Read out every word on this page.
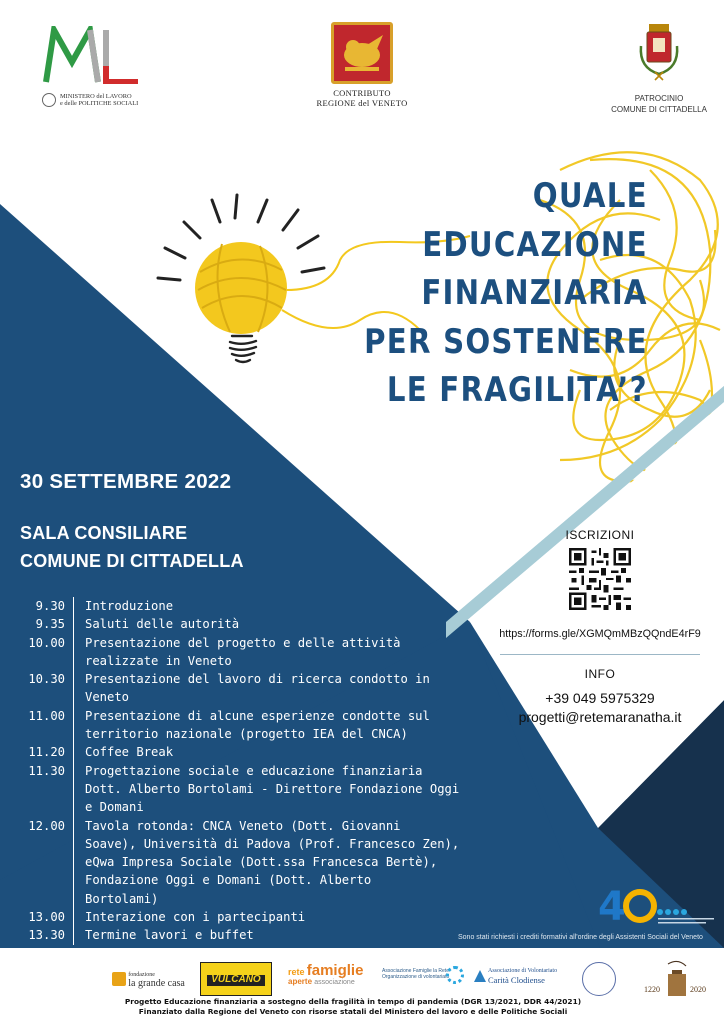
MINISTERO del LAVORO
e delle POLITICHE SOCIALI
CONTRIBUTO
REGIONE del VENETO	PATROCINIO
COMUNE DI CITTADELLA
QUALE
EDUCAZIONE
FINANZIARIA
PER SOSTENERE
LE FRAGILITA’?
30 SETTEMBRE 2022
SALA CONSILIARE
COMUNE DI CITTADELLA
9.30	Introduzione
9.35	Saluti delle autorità
10.00	Presentazione del progetto e delle attività
realizzate in Veneto
10.30	Presentazione del lavoro di ricerca condotto in
Veneto
11.00	Presentazione di alcune esperienze condotte sul
territorio nazionale (progetto IEA del CNCA)
11.20	Coffee Break
11.30	Progettazione sociale e educazione finanziaria
Dott. Alberto Bortolami - Direttore Fondazione Oggi
e Domani
12.00	Tavola rotonda: CNCA Veneto (Dott. Giovanni
Soave), Università di Padova (Prof. Francesco Zen),
eQwa Impresa Sociale (Dott.ssa Francesca Bertè),
Fondazione Oggi e Domani (Dott. Alberto
Bortolami)
13.00	Interazione con i partecipanti
13.30	Termine lavori e buffet
ISCRIZIONI
https://forms.gle/XGMQmMBzQQndE4rF9
INFO
+39 049 5975329
progetti@retemaranatha.it
4
Sono stati richiesti i crediti formativi all'ordine degli Assistenti Sociali del Veneto
fondazione
la grande casa	VULCANO
rete famiglie
aperte associazione
Associazione Famiglie la Rete
Organizzazione di volontariato
Associazione di Volontariato
Carità Clodiense
1220	2020
Progetto Educazione finanziaria a sostegno della fragilità in tempo di pandemia (DGR 13/2021, DDR 44/2021)
Finanziato dalla Regione del Veneto con risorse statali del Ministero del lavoro e delle Politiche Sociali
